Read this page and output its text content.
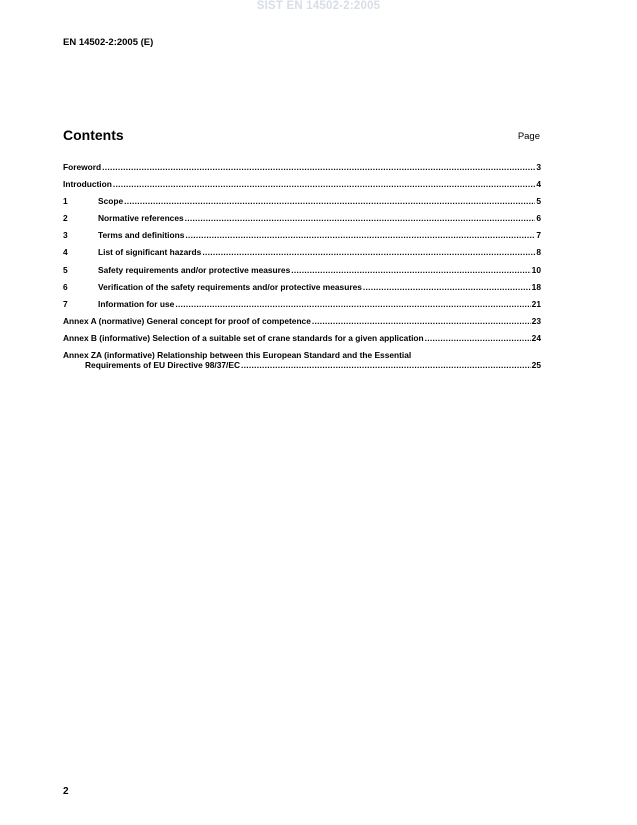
SIST EN 14502-2:2005
EN 14502-2:2005 (E)
Contents	Page
Foreword .....	3
Introduction .....	4
1	Scope .....	5
2	Normative references .....	6
3	Terms and definitions .....	7
4	List of significant hazards .....	8
5	Safety requirements and/or protective measures .....	10
6	Verification of the safety requirements and/or protective measures .....	18
7	Information for use .....	21
Annex A (normative) General concept for proof of competence .....	23
Annex B (informative) Selection of a suitable set of crane standards for a given application .....	24
Annex ZA (informative) Relationship between this European Standard and the Essential
Requirements of EU Directive 98/37/EC .....	25
2
